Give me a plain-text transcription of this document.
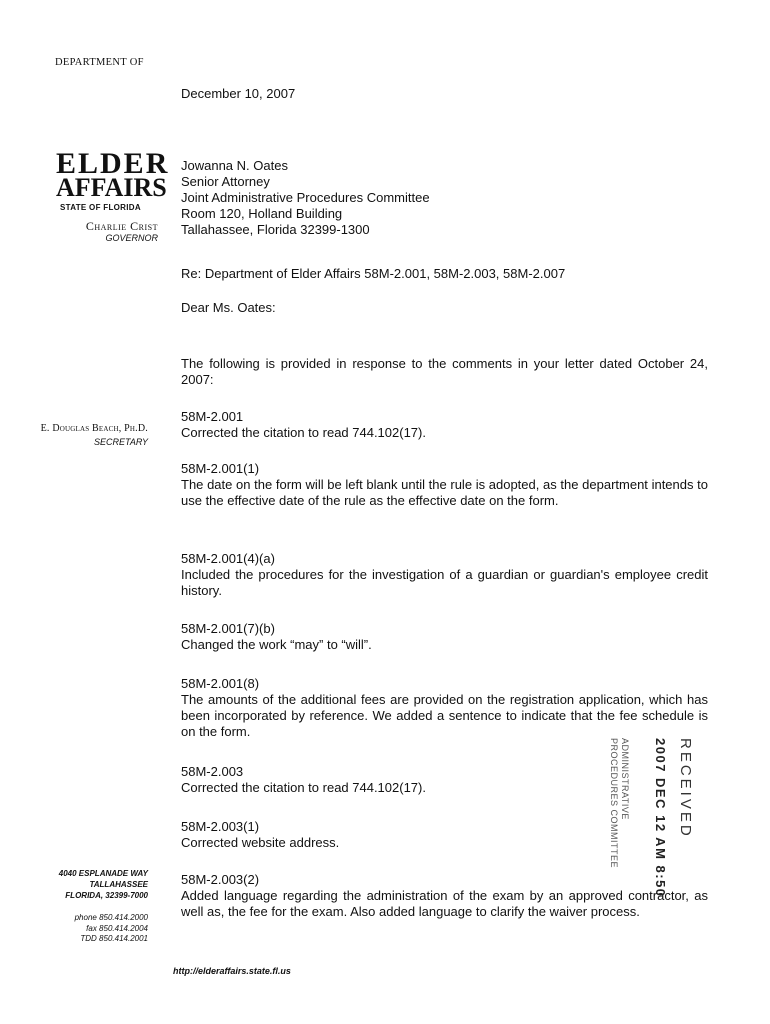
DEPARTMENT OF
ELDER
AFFAIRS
STATE OF FLORIDA
Charlie Crist
GOVERNOR
E. Douglas Beach, Ph.D.
SECRETARY
4040 ESPLANADE WAY
TALLAHASSEE
FLORIDA, 32399-7000
phone 850.414.2000
fax 850.414.2004
TDD 850.414.2001
http://elderaffairs.state.fl.us
December 10, 2007
Jowanna N. Oates
Senior Attorney
Joint Administrative Procedures Committee
Room 120, Holland Building
Tallahassee, Florida 32399-1300
Re: Department of Elder Affairs 58M-2.001, 58M-2.003, 58M-2.007
Dear Ms. Oates:
The following is provided in response to the comments in your letter dated October 24, 2007:

58M-2.001

Corrected the citation to read 744.102(17).

58M-2.001(1)

The date on the form will be left blank until the rule is adopted, as the department intends to use the effective date of the rule as the effective date on the form.

58M-2.001(4)(a)

Included the procedures for the investigation of a guardian or guardian's employee credit history.

58M-2.001(7)(b)

Changed the work “may” to “will”.

58M-2.001(8)

The amounts of the additional fees are provided on the registration application, which has been incorporated by reference. We added a sentence to indicate that the fee schedule is on the form.

58M-2.003

Corrected the citation to read 744.102(17).

58M-2.003(1)

Corrected website address.

58M-2.003(2)

Added language regarding the administration of the exam by an approved contractor, as well as, the fee for the exam. Also added language to clarify the waiver process.

RECEIVED
2007 DEC 12 AM 8:50
ADMINISTRATIVE PROCEDURES COMMITTEE
